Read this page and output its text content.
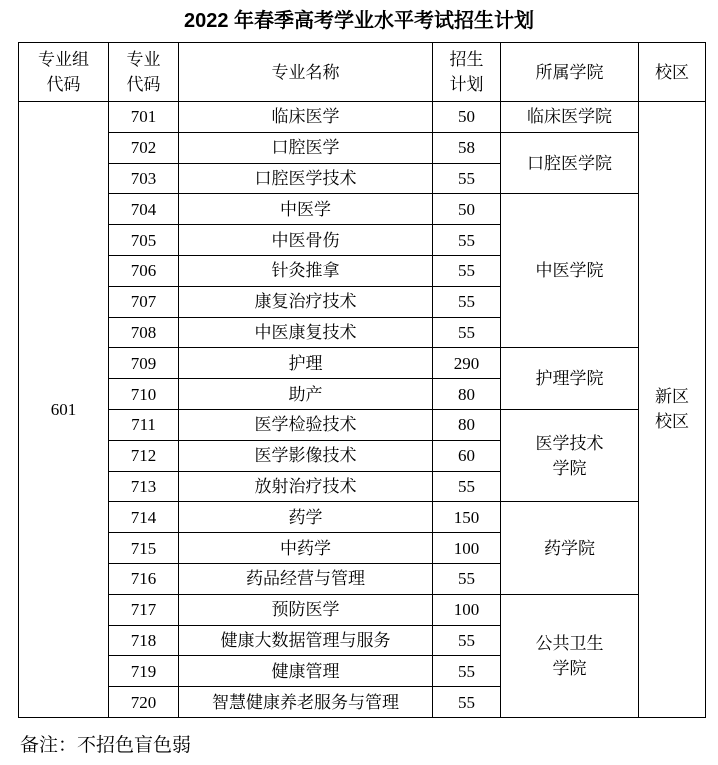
2022 年春季高考学业水平考试招生计划
专业组代码	专业代码	专业名称	招生计划	所属学院	校区
601	701	临床医学	50	临床医学院	新区校区
	702	口腔医学	58	口腔医学院	
	703	口腔医学技术	55		
	704	中医学	50	中医学院	
	705	中医骨伤	55		
	706	针灸推拿	55		
	707	康复治疗技术	55		
	708	中医康复技术	55		
	709	护理	290	护理学院	
	710	助产	80		
	711	医学检验技术	80	医学技术学院	
	712	医学影像技术	60		
	713	放射治疗技术	55		
	714	药学	150	药学院	
	715	中药学	100		
	716	药品经营与管理	55		
	717	预防医学	100	公共卫生学院	
	718	健康大数据管理与服务	55		
	719	健康管理	55		
	720	智慧健康养老服务与管理	55		
备注：不招色盲色弱
